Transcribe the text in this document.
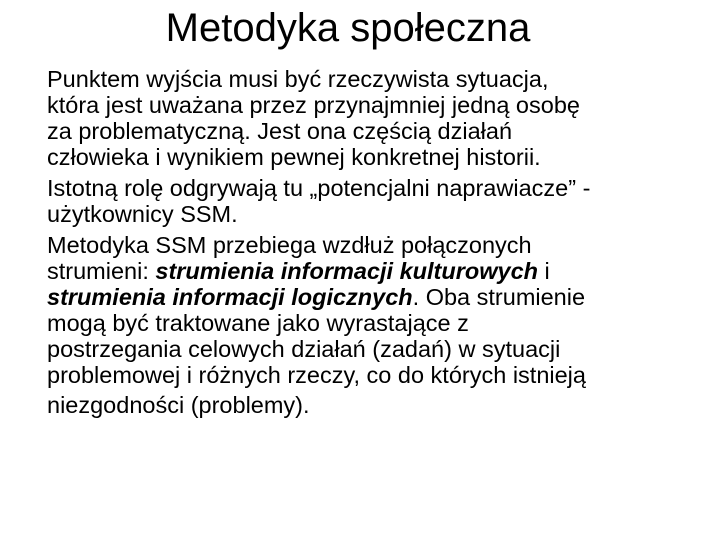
Metodyka społeczna

Punktem wyjścia musi być rzeczywista sytuacja,
która jest uważana przez przynajmniej jedną osobę
za problematyczną. Jest ona częścią działań
człowieka i wynikiem pewnej konkretnej historii.

Istotną rolę odgrywają tu „potencjalni naprawiacze” -
użytkownicy SSM.

Metodyka SSM przebiega wzdłuż połączonych
strumieni: strumienia informacji kulturowych i
strumienia informacji logicznych. Oba strumienie
mogą być traktowane jako wyrastające z
postrzegania celowych działań (zadań) w sytuacji
problemowej i różnych rzeczy, co do których istnieją
niezgodności (problemy).
